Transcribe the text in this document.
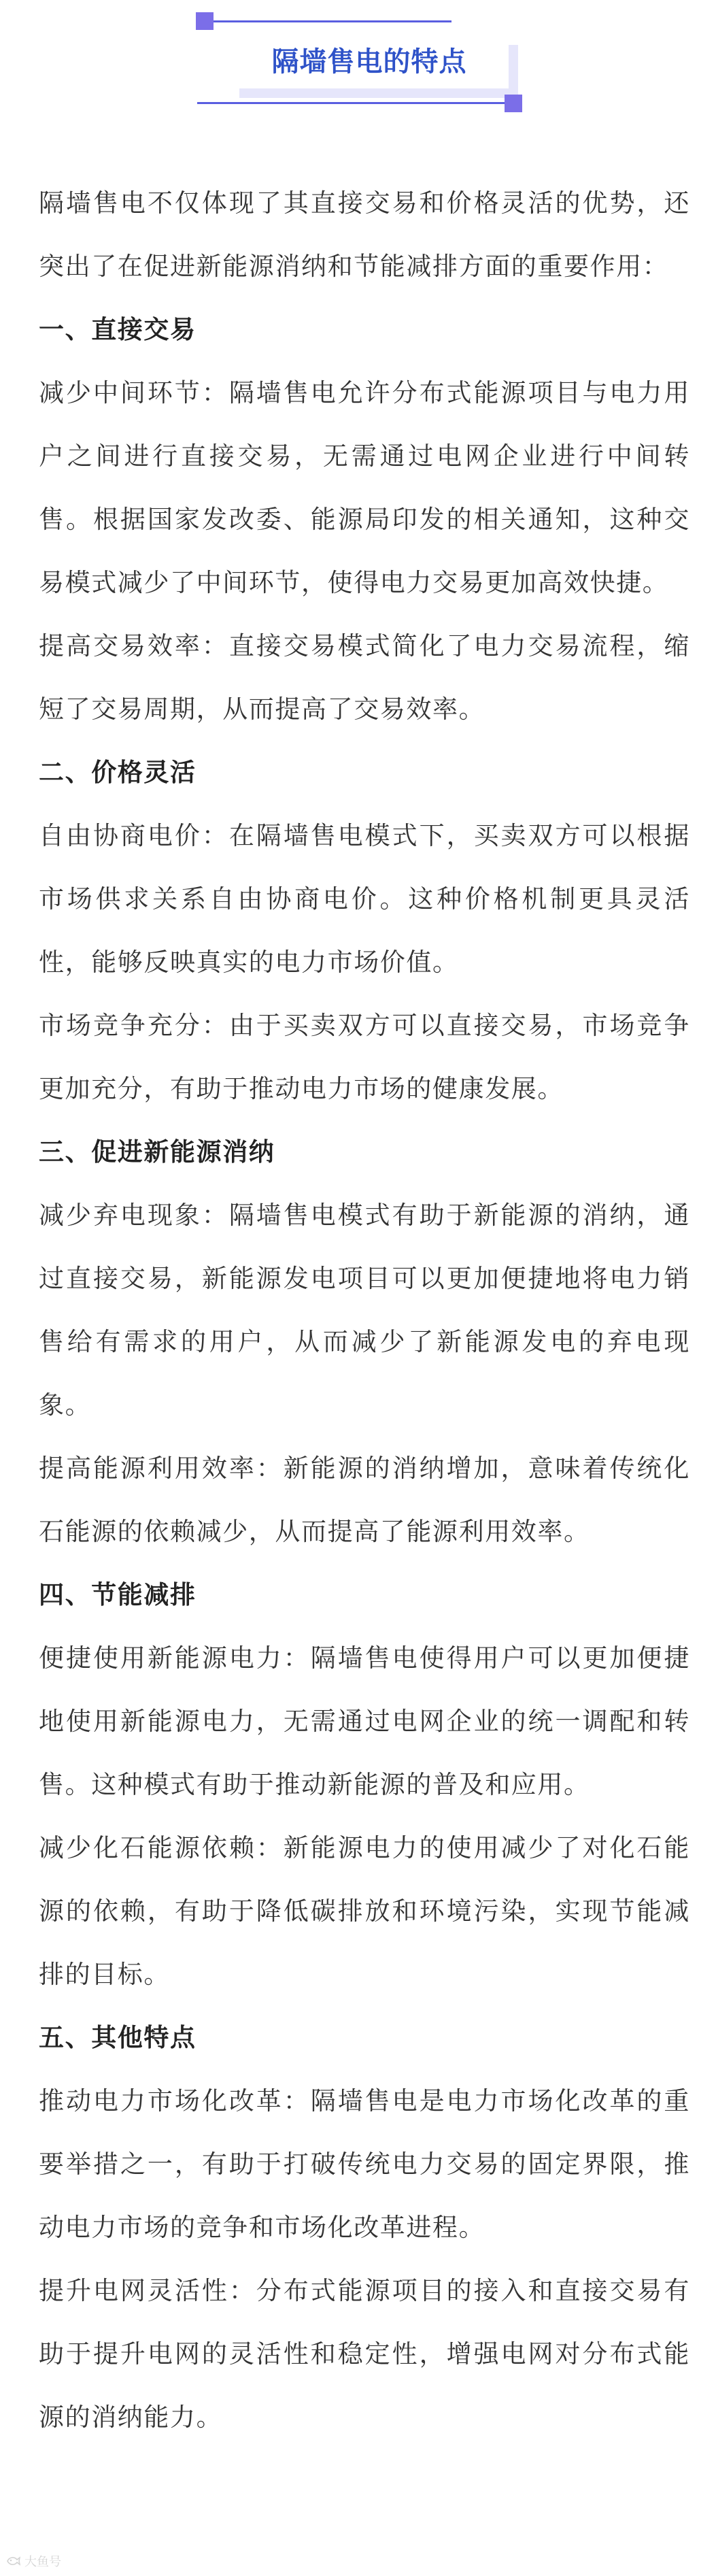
隔墙售电的特点

隔墙售电不仅体现了其直接交易和价格灵活的优势，还突出了在促进新能源消纳和节能减排方面的重要作用：

一、直接交易

减少中间环节：隔墙售电允许分布式能源项目与电力用户之间进行直接交易，无需通过电网企业进行中间转售。根据国家发改委、能源局印发的相关通知，这种交易模式减少了中间环节，使得电力交易更加高效快捷。

提高交易效率：直接交易模式简化了电力交易流程，缩短了交易周期，从而提高了交易效率。

二、价格灵活

自由协商电价：在隔墙售电模式下，买卖双方可以根据市场供求关系自由协商电价。这种价格机制更具灵活性，能够反映真实的电力市场价值。

市场竞争充分：由于买卖双方可以直接交易，市场竞争更加充分，有助于推动电力市场的健康发展。

三、促进新能源消纳

减少弃电现象：隔墙售电模式有助于新能源的消纳，通过直接交易，新能源发电项目可以更加便捷地将电力销售给有需求的用户，从而减少了新能源发电的弃电现象。

提高能源利用效率：新能源的消纳增加，意味着传统化石能源的依赖减少，从而提高了能源利用效率。

四、节能减排

便捷使用新能源电力：隔墙售电使得用户可以更加便捷地使用新能源电力，无需通过电网企业的统一调配和转售。这种模式有助于推动新能源的普及和应用。

减少化石能源依赖：新能源电力的使用减少了对化石能源的依赖，有助于降低碳排放和环境污染，实现节能减排的目标。

五、其他特点

推动电力市场化改革：隔墙售电是电力市场化改革的重要举措之一，有助于打破传统电力交易的固定界限，推动电力市场的竞争和市场化改革进程。

提升电网灵活性：分布式能源项目的接入和直接交易有助于提升电网的灵活性和稳定性，增强电网对分布式能源的消纳能力。

大鱼号
